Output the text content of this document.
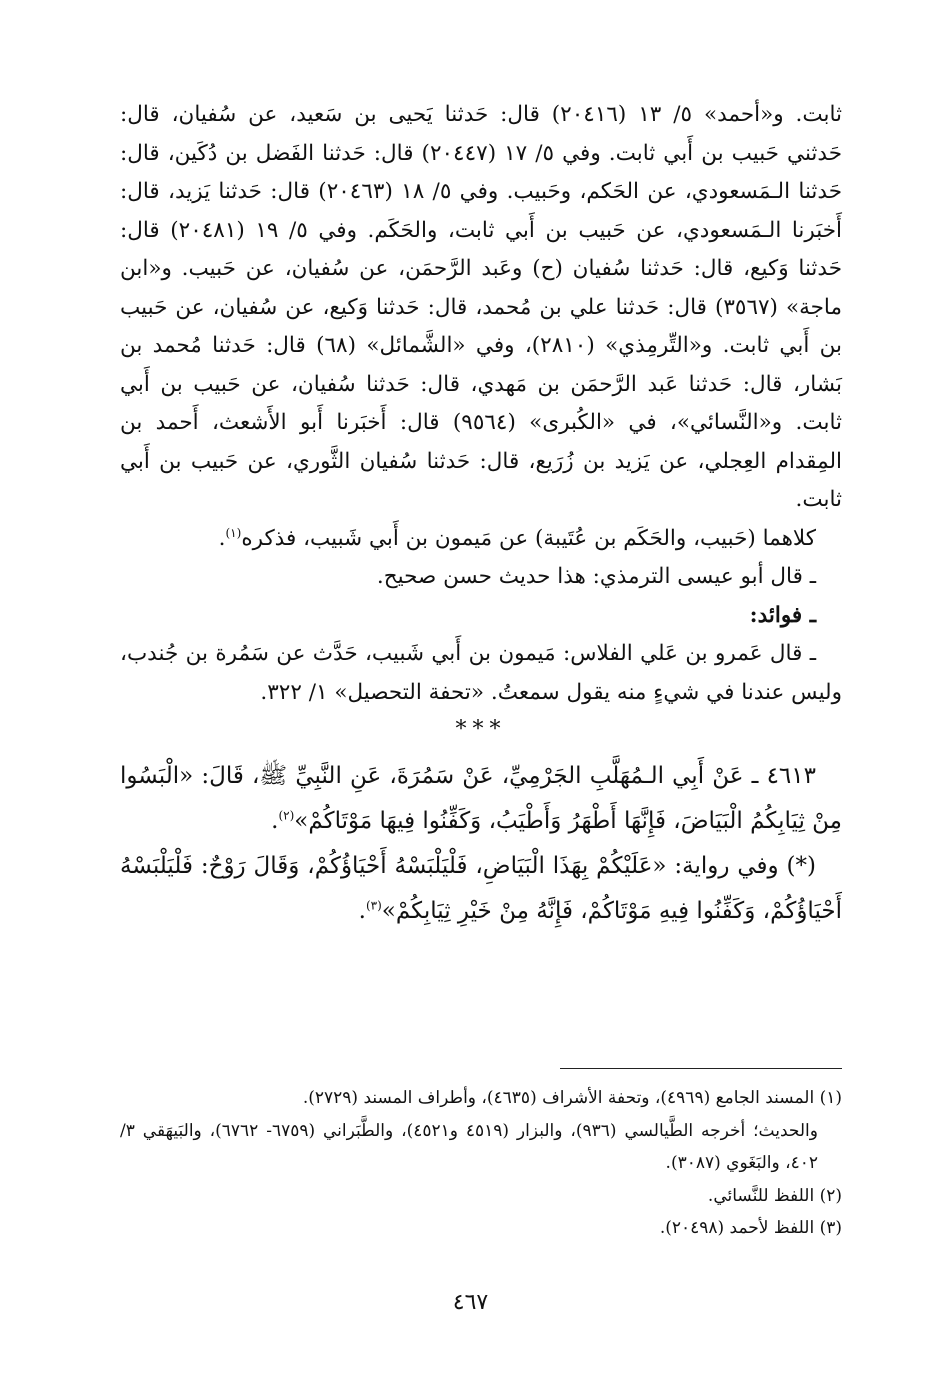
ثابت. و«أحمد» ٥/ ١٣ (٢٠٤١٦) قال: حَدثنا يَحيى بن سَعيد، عن سُفيان، قال: حَدثني حَبيب بن أَبي ثابت. وفي ٥/ ١٧ (٢٠٤٤٧) قال: حَدثنا الفَضل بن دُكَين، قال: حَدثنا الـمَسعودي، عن الحَكم، وحَبيب. وفي ٥/ ١٨ (٢٠٤٦٣) قال: حَدثنا يَزيد، قال: أَخبَرنا الـمَسعودي، عن حَبيب بن أَبي ثابت، والحَكَم. وفي ٥/ ١٩ (٢٠٤٨١) قال: حَدثنا وَكيع، قال: حَدثنا سُفيان (ح) وعَبد الرَّحمَن، عن سُفيان، عن حَبيب. و«ابن ماجة» (٣٥٦٧) قال: حَدثنا علي بن مُحمد، قال: حَدثنا وَكيع، عن سُفيان، عن حَبيب بن أَبي ثابت. و«التِّرمِذي» (٢٨١٠)، وفي «الشَّمائل» (٦٨) قال: حَدثنا مُحمد بن بَشار، قال: حَدثنا عَبد الرَّحمَن بن مَهدي، قال: حَدثنا سُفيان، عن حَبيب بن أَبي ثابت. و«النَّسائي»، في «الكُبرى» (٩٥٦٤) قال: أَخبَرنا أَبو الأَشعث، أَحمد بن المِقدام العِجلي، عن يَزيد بن زُرَيع، قال: حَدثنا سُفيان الثَّوري، عن حَبيب بن أَبي ثابت.

كلاهما (حَبيب، والحَكَم بن عُتَيبة) عن مَيمون بن أَبي شَبيب، فذكره$^{(١)}$.

ـ قال أبو عيسى الترمذي: هذا حديث حسن صحيح.

ـ فوائد:

ـ قال عَمرو بن عَلي الفلاس: مَيمون بن أَبي شَبيب، حَدَّث عن سَمُرة بن جُندب، وليس عندنا في شيءٍ منه يقول سمعتُ. «تحفة التحصيل» ١/ ٣٢٢.

***

٤٦١٣ ـ عَنْ أَبِي الـمُهَلَّبِ الجَرْمِيِّ، عَنْ سَمُرَةَ، عَنِ النَّبِيِّ ﷺ، قَالَ: «الْبَسُوا مِنْ ثِيَابِكُمُ الْبَيَاضَ، فَإِنَّهَا أَطْهَرُ وَأَطْيَبُ، وَكَفِّنُوا فِيهَا مَوْتَاكُمْ»$^{(٢)}$.

(*) وفي رواية: «عَلَيْكُمْ بِهَذَا الْبَيَاضِ، فَلْيَلْبَسْهُ أَحْيَاؤُكُمْ، وَقَالَ رَوْحٌ: فَلْيَلْبَسْهُ أَحْيَاؤُكُمْ، وَكَفِّنُوا فِيهِ مَوْتَاكُمْ، فَإِنَّهُ مِنْ خَيْرِ ثِيَابِكُمْ»$^{(٣)}$.

(١) المسند الجامع (٤٩٦٩)، وتحفة الأشراف (٤٦٣٥)، وأطراف المسند (٢٧٢٩).

والحديث؛ أخرجه الطَّيالسي (٩٣٦)، والبزار (٤٥١٩ و٤٥٢١)، والطَّبَراني (٦٧٥٩- ٦٧٦٢)، والبَيهَقي ٣/ ٤٠٢، والبَغَوي (٣٠٨٧).

(٢) اللفظ للنَّسائي.

(٣) اللفظ لأحمد (٢٠٤٩٨).

٤٦٧
